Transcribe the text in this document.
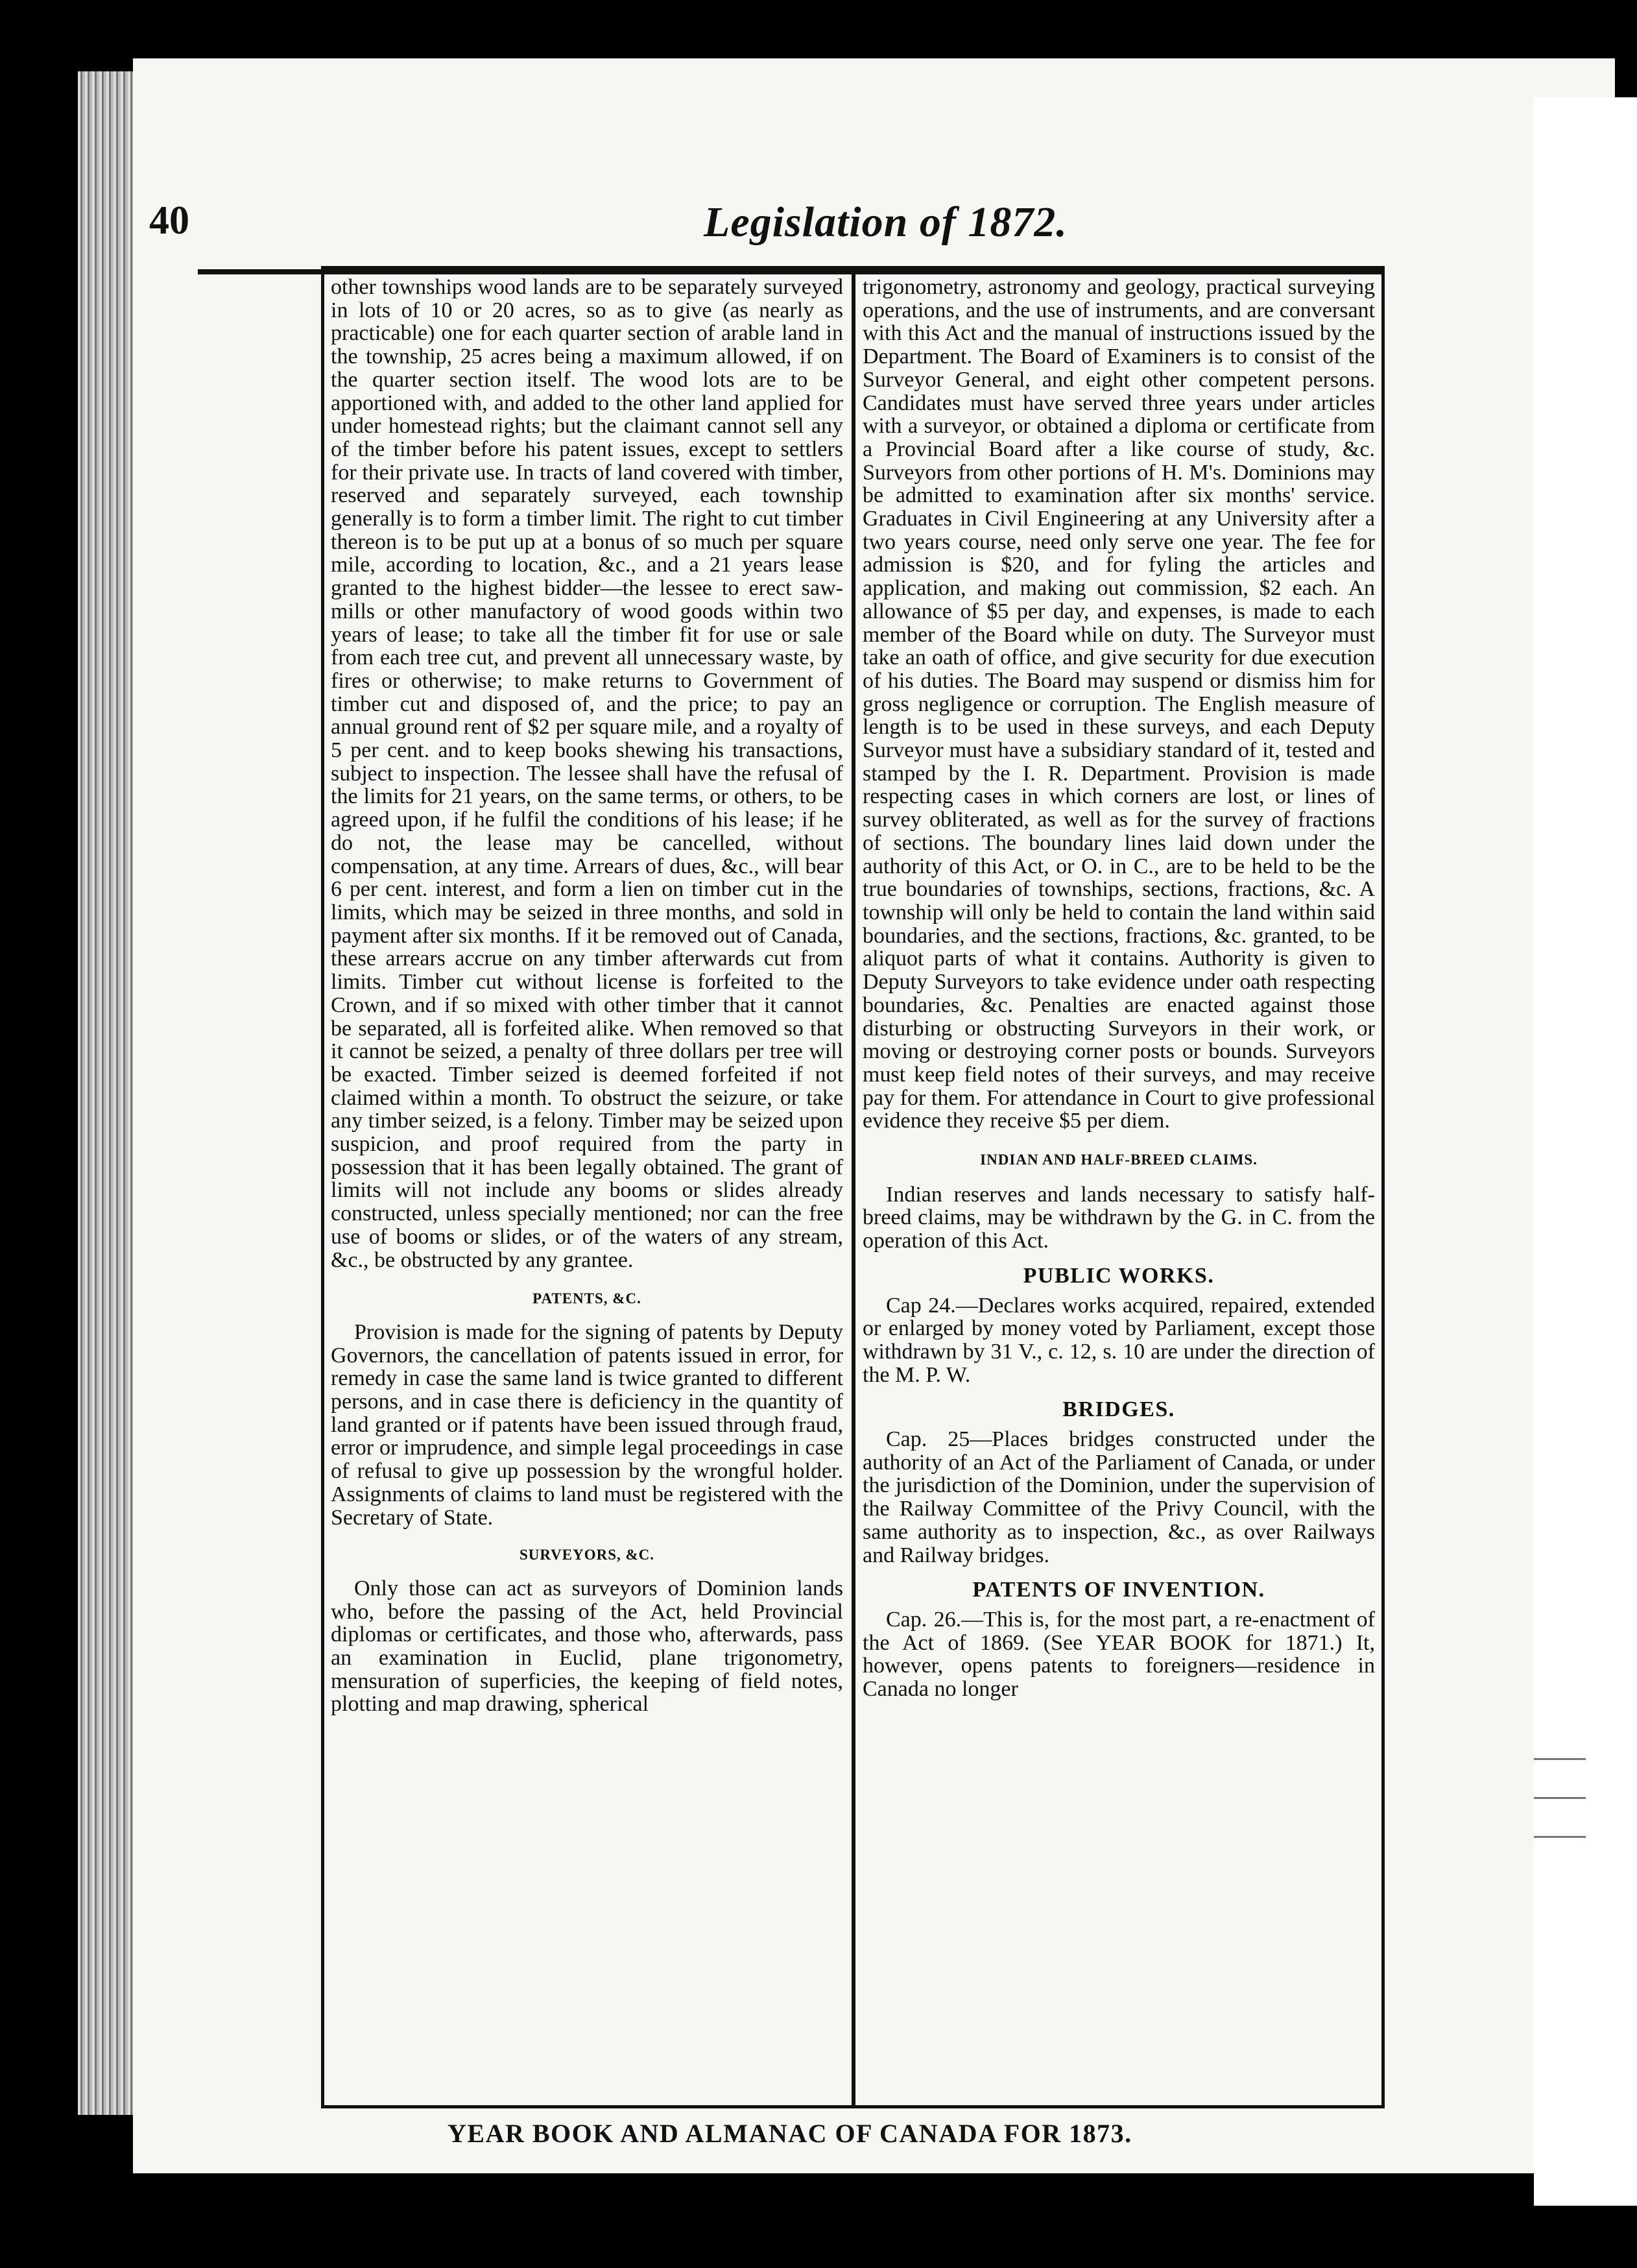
40	Legislation of 1872.

other townships wood lands are to be separately surveyed in lots of 10 or 20 acres, so as to give (as nearly as practicable) one for each quarter section of arable land in the township, 25 acres being a maximum allowed, if on the quarter section itself. The wood lots are to be apportioned with, and added to the other land applied for under homestead rights; but the claimant cannot sell any of the timber before his patent issues, except to settlers for their private use. In tracts of land covered with timber, reserved and separately surveyed, each township generally is to form a timber limit. The right to cut timber thereon is to be put up at a bonus of so much per square mile, according to location, &c., and a 21 years lease granted to the highest bidder—the lessee to erect saw-mills or other manufactory of wood goods within two years of lease; to take all the timber fit for use or sale from each tree cut, and prevent all unnecessary waste, by fires or otherwise; to make returns to Government of timber cut and disposed of, and the price; to pay an annual ground rent of $2 per square mile, and a royalty of 5 per cent. and to keep books shewing his transactions, subject to inspection. The lessee shall have the refusal of the limits for 21 years, on the same terms, or others, to be agreed upon, if he fulfil the conditions of his lease; if he do not, the lease may be cancelled, without compensation, at any time. Arrears of dues, &c., will bear 6 per cent. interest, and form a lien on timber cut in the limits, which may be seized in three months, and sold in payment after six months. If it be removed out of Canada, these arrears accrue on any timber afterwards cut from limits. Timber cut without license is forfeited to the Crown, and if so mixed with other timber that it cannot be separated, all is forfeited alike. When removed so that it cannot be seized, a penalty of three dollars per tree will be exacted. Timber seized is deemed forfeited if not claimed within a month. To obstruct the seizure, or take any timber seized, is a felony. Timber may be seized upon suspicion, and proof required from the party in possession that it has been legally obtained. The grant of limits will not include any booms or slides already constructed, unless specially mentioned; nor can the free use of booms or slides, or of the waters of any stream, &c., be obstructed by any grantee.

PATENTS, &C.

Provision is made for the signing of patents by Deputy Governors, the cancellation of patents issued in error, for remedy in case the same land is twice granted to different persons, and in case there is deficiency in the quantity of land granted or if patents have been issued through fraud, error or imprudence, and simple legal proceedings in case of refusal to give up possession by the wrongful holder. Assignments of claims to land must be registered with the Secretary of State.

SURVEYORS, &C.

Only those can act as surveyors of Dominion lands who, before the passing of the Act, held Provincial diplomas or certificates, and those who, afterwards, pass an examination in Euclid, plane trigonometry, mensuration of superficies, the keeping of field notes, plotting and map drawing, spherical

trigonometry, astronomy and geology, practical surveying operations, and the use of instruments, and are conversant with this Act and the manual of instructions issued by the Department. The Board of Examiners is to consist of the Surveyor General, and eight other competent persons. Candidates must have served three years under articles with a surveyor, or obtained a diploma or certificate from a Provincial Board after a like course of study, &c. Surveyors from other portions of H. M's. Dominions may be admitted to examination after six months' service. Graduates in Civil Engineering at any University after a two years course, need only serve one year. The fee for admission is $20, and for fyling the articles and application, and making out commission, $2 each. An allowance of $5 per day, and expenses, is made to each member of the Board while on duty. The Surveyor must take an oath of office, and give security for due execution of his duties. The Board may suspend or dismiss him for gross negligence or corruption. The English measure of length is to be used in these surveys, and each Deputy Surveyor must have a subsidiary standard of it, tested and stamped by the I. R. Department. Provision is made respecting cases in which corners are lost, or lines of survey obliterated, as well as for the survey of fractions of sections. The boundary lines laid down under the authority of this Act, or O. in C., are to be held to be the true boundaries of townships, sections, fractions, &c. A township will only be held to contain the land within said boundaries, and the sections, fractions, &c. granted, to be aliquot parts of what it contains. Authority is given to Deputy Surveyors to take evidence under oath respecting boundaries, &c. Penalties are enacted against those disturbing or obstructing Surveyors in their work, or moving or destroying corner posts or bounds. Surveyors must keep field notes of their surveys, and may receive pay for them. For attendance in Court to give professional evidence they receive $5 per diem.

INDIAN AND HALF-BREED CLAIMS.

Indian reserves and lands necessary to satisfy half-breed claims, may be withdrawn by the G. in C. from the operation of this Act.

PUBLIC WORKS.

Cap 24.—Declares works acquired, repaired, extended or enlarged by money voted by Parliament, except those withdrawn by 31 V., c. 12, s. 10 are under the direction of the M. P. W.

BRIDGES.

Cap. 25—Places bridges constructed under the authority of an Act of the Parliament of Canada, or under the jurisdiction of the Dominion, under the supervision of the Railway Committee of the Privy Council, with the same authority as to inspection, &c., as over Railways and Railway bridges.

PATENTS OF INVENTION.

Cap. 26.—This is, for the most part, a re-enactment of the Act of 1869. (See YEAR BOOK for 1871.) It, however, opens patents to foreigners—residence in Canada no longer

YEAR BOOK AND ALMANAC OF CANADA FOR 1873.
